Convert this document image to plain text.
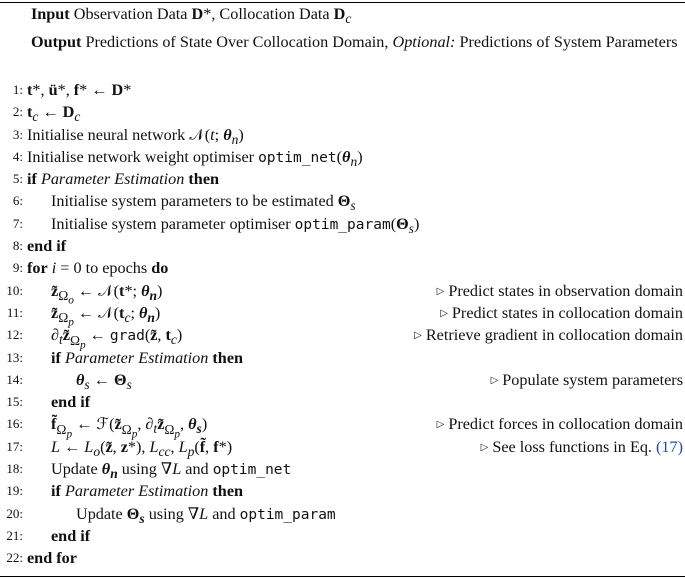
Input Observation Data D*, Collocation Data $D_c$
Output Predictions of State Over Collocation Domain, Optional: Predictions of System Parameters
1: t*, ü*, f* ← D*
2: $t_c$ ← $D_c$
3: Initialise neural network 𝒩(t; $\theta_n$)
4: Initialise network weight optimiser $optim\_net(\theta_n)$
5: if Parameter Estimation then
6: Initialise system parameters to be estimated $\Theta_s$
7: Initialise system parameter optimiser $optim\_param(\Theta_s)$
8: end if
9: for i = 0 to epochs do
10: $z̃_{\Omega_o}$ ← 𝒩(t*; $\theta_n$)	▷ Predict states in observation domain
11: $z̃_{\Omega_p}$ ← $𝒩(t_c$; $\theta_n$)	▷ Predict states in collocation domain
12: $\partial_tz̃_{\Omega_p}$ ← grad(z̃, $t_c$)	▷ Retrieve gradient in collocation domain
13: if Parameter Estimation then
14:	$\theta_s$ ← $\Theta_s$	▷ Populate system parameters
15: end if
16: $f̃_{\Omega_p}$ ← $ℱ(z̃_{\Omega_p}$, $\partial_tz̃_{\Omega_p}$, $\theta_s$)	▷ Predict forces in collocation domain
17: L ← $L_o(z̃$, z*), $L_{cc}$, $L_p(f̃$, f*)	▷ See loss functions in Eq. (17)
18: Update $\theta_n$ using ∇L and optim_net
19: if Parameter Estimation then
20:	Update $\Theta_s$ using ∇L and optim_param
21: end if
22: end for
